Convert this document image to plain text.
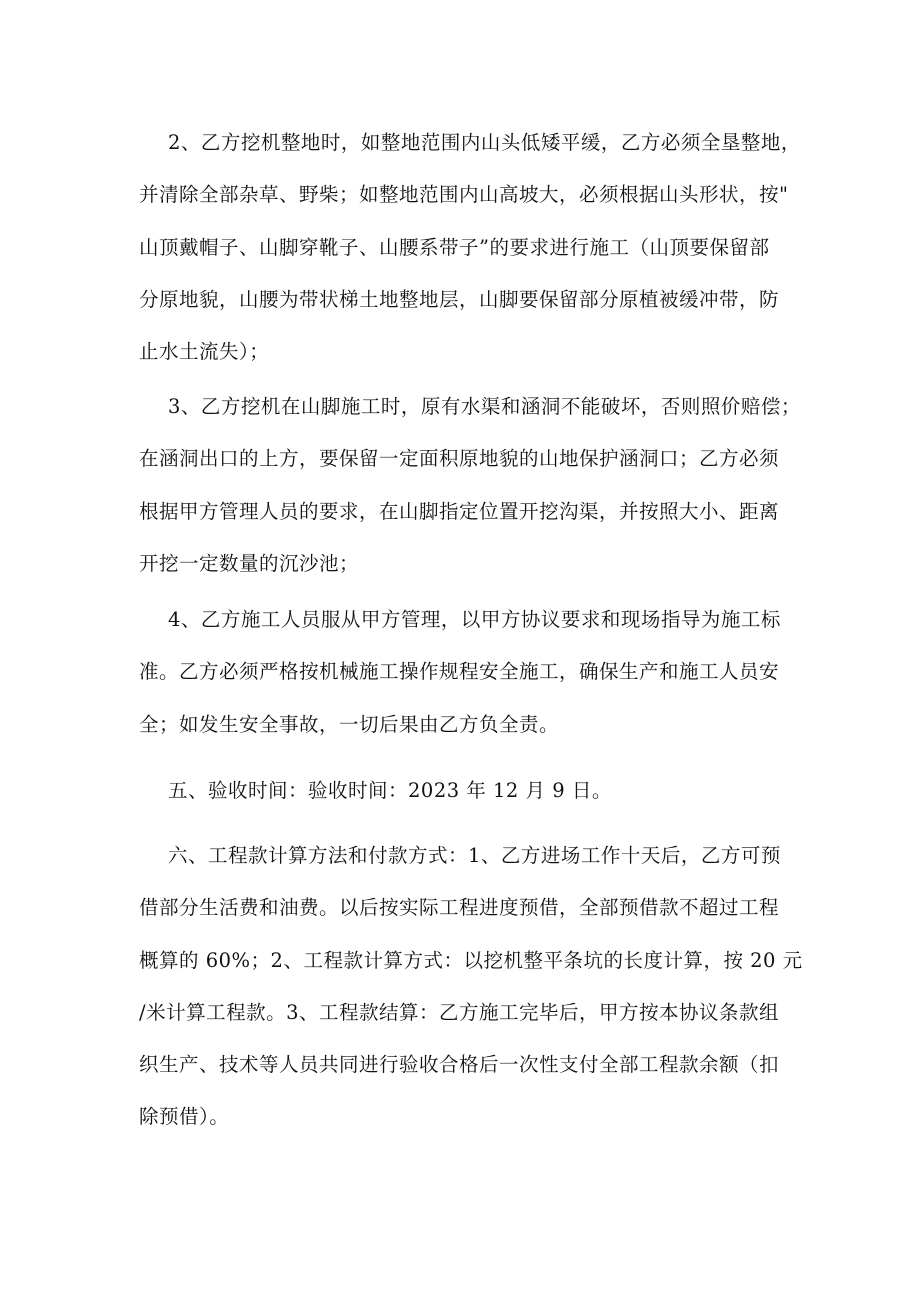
2、乙方挖机整地时，如整地范围内山头低矮平缓，乙方必须全垦整地，
并清除全部杂草、野柴；如整地范围内山高坡大，必须根据山头形状，按"
山顶戴帽子、山脚穿靴子、山腰系带子”的要求进行施工（山顶要保留部
分原地貌，山腰为带状梯土地整地层，山脚要保留部分原植被缓冲带，防
止水土流失）；

3、乙方挖机在山脚施工时，原有水渠和涵洞不能破坏，否则照价赔偿；
在涵洞出口的上方，要保留一定面积原地貌的山地保护涵洞口；乙方必须
根据甲方管理人员的要求，在山脚指定位置开挖沟渠，并按照大小、距离
开挖一定数量的沉沙池；

4、乙方施工人员服从甲方管理，以甲方协议要求和现场指导为施工标
准。乙方必须严格按机械施工操作规程安全施工，确保生产和施工人员安
全；如发生安全事故，一切后果由乙方负全责。

五、验收时间：验收时间：2023 年 12 月 9 日。

六、工程款计算方法和付款方式：1、乙方进场工作十天后，乙方可预
借部分生活费和油费。以后按实际工程进度预借，全部预借款不超过工程
概算的 60%；2、工程款计算方式：以挖机整平条坑的长度计算，按 20 元
/米计算工程款。3、工程款结算：乙方施工完毕后，甲方按本协议条款组
织生产、技术等人员共同进行验收合格后一次性支付全部工程款余额（扣
除预借）。
